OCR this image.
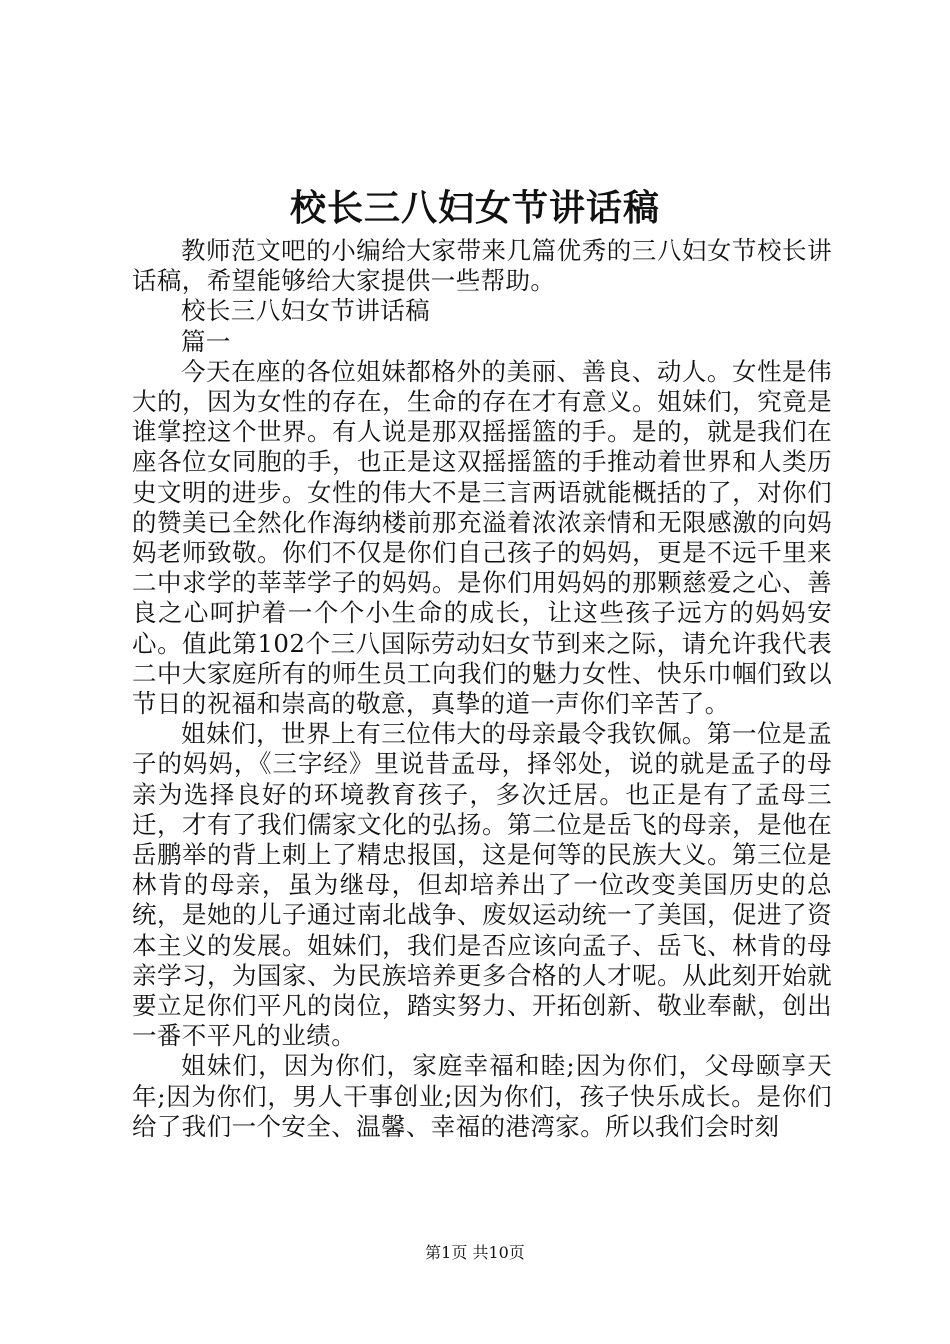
校长三八妇女节讲话稿

教师范文吧的小编给大家带来几篇优秀的三八妇女节校长讲话稿，希望能够给大家提供一些帮助。

校长三八妇女节讲话稿

篇一

今天在座的各位姐妹都格外的美丽、善良、动人。女性是伟大的，因为女性的存在，生命的存在才有意义。姐妹们，究竟是谁掌控这个世界。有人说是那双摇摇篮的手。是的，就是我们在座各位女同胞的手，也正是这双摇摇篮的手推动着世界和人类历史文明的进步。女性的伟大不是三言两语就能概括的了，对你们的赞美已全然化作海纳楼前那充溢着浓浓亲情和无限感激的向妈妈老师致敬。你们不仅是你们自己孩子的妈妈，更是不远千里来二中求学的莘莘学子的妈妈。是你们用妈妈的那颗慈爱之心、善良之心呵护着一个个小生命的成长，让这些孩子远方的妈妈安心。值此第102个三八国际劳动妇女节到来之际，请允许我代表二中大家庭所有的师生员工向我们的魅力女性、快乐巾帼们致以节日的祝福和崇高的敬意，真挚的道一声你们辛苦了。

姐妹们，世界上有三位伟大的母亲最令我钦佩。第一位是孟子的妈妈，《三字经》里说昔孟母，择邻处，说的就是孟子的母亲为选择良好的环境教育孩子，多次迁居。也正是有了孟母三迁，才有了我们儒家文化的弘扬。第二位是岳飞的母亲，是他在岳鹏举的背上刺上了精忠报国，这是何等的民族大义。第三位是林肯的母亲，虽为继母，但却培养出了一位改变美国历史的总统，是她的儿子通过南北战争、废奴运动统一了美国，促进了资本主义的发展。姐妹们，我们是否应该向孟子、岳飞、林肯的母亲学习，为国家、为民族培养更多合格的人才呢。从此刻开始就要立足你们平凡的岗位，踏实努力、开拓创新、敬业奉献，创出一番不平凡的业绩。

姐妹们，因为你们，家庭幸福和睦;因为你们，父母颐享天年;因为你们，男人干事创业;因为你们，孩子快乐成长。是你们给了我们一个安全、温馨、幸福的港湾家。所以我们会时刻

第1页 共10页
